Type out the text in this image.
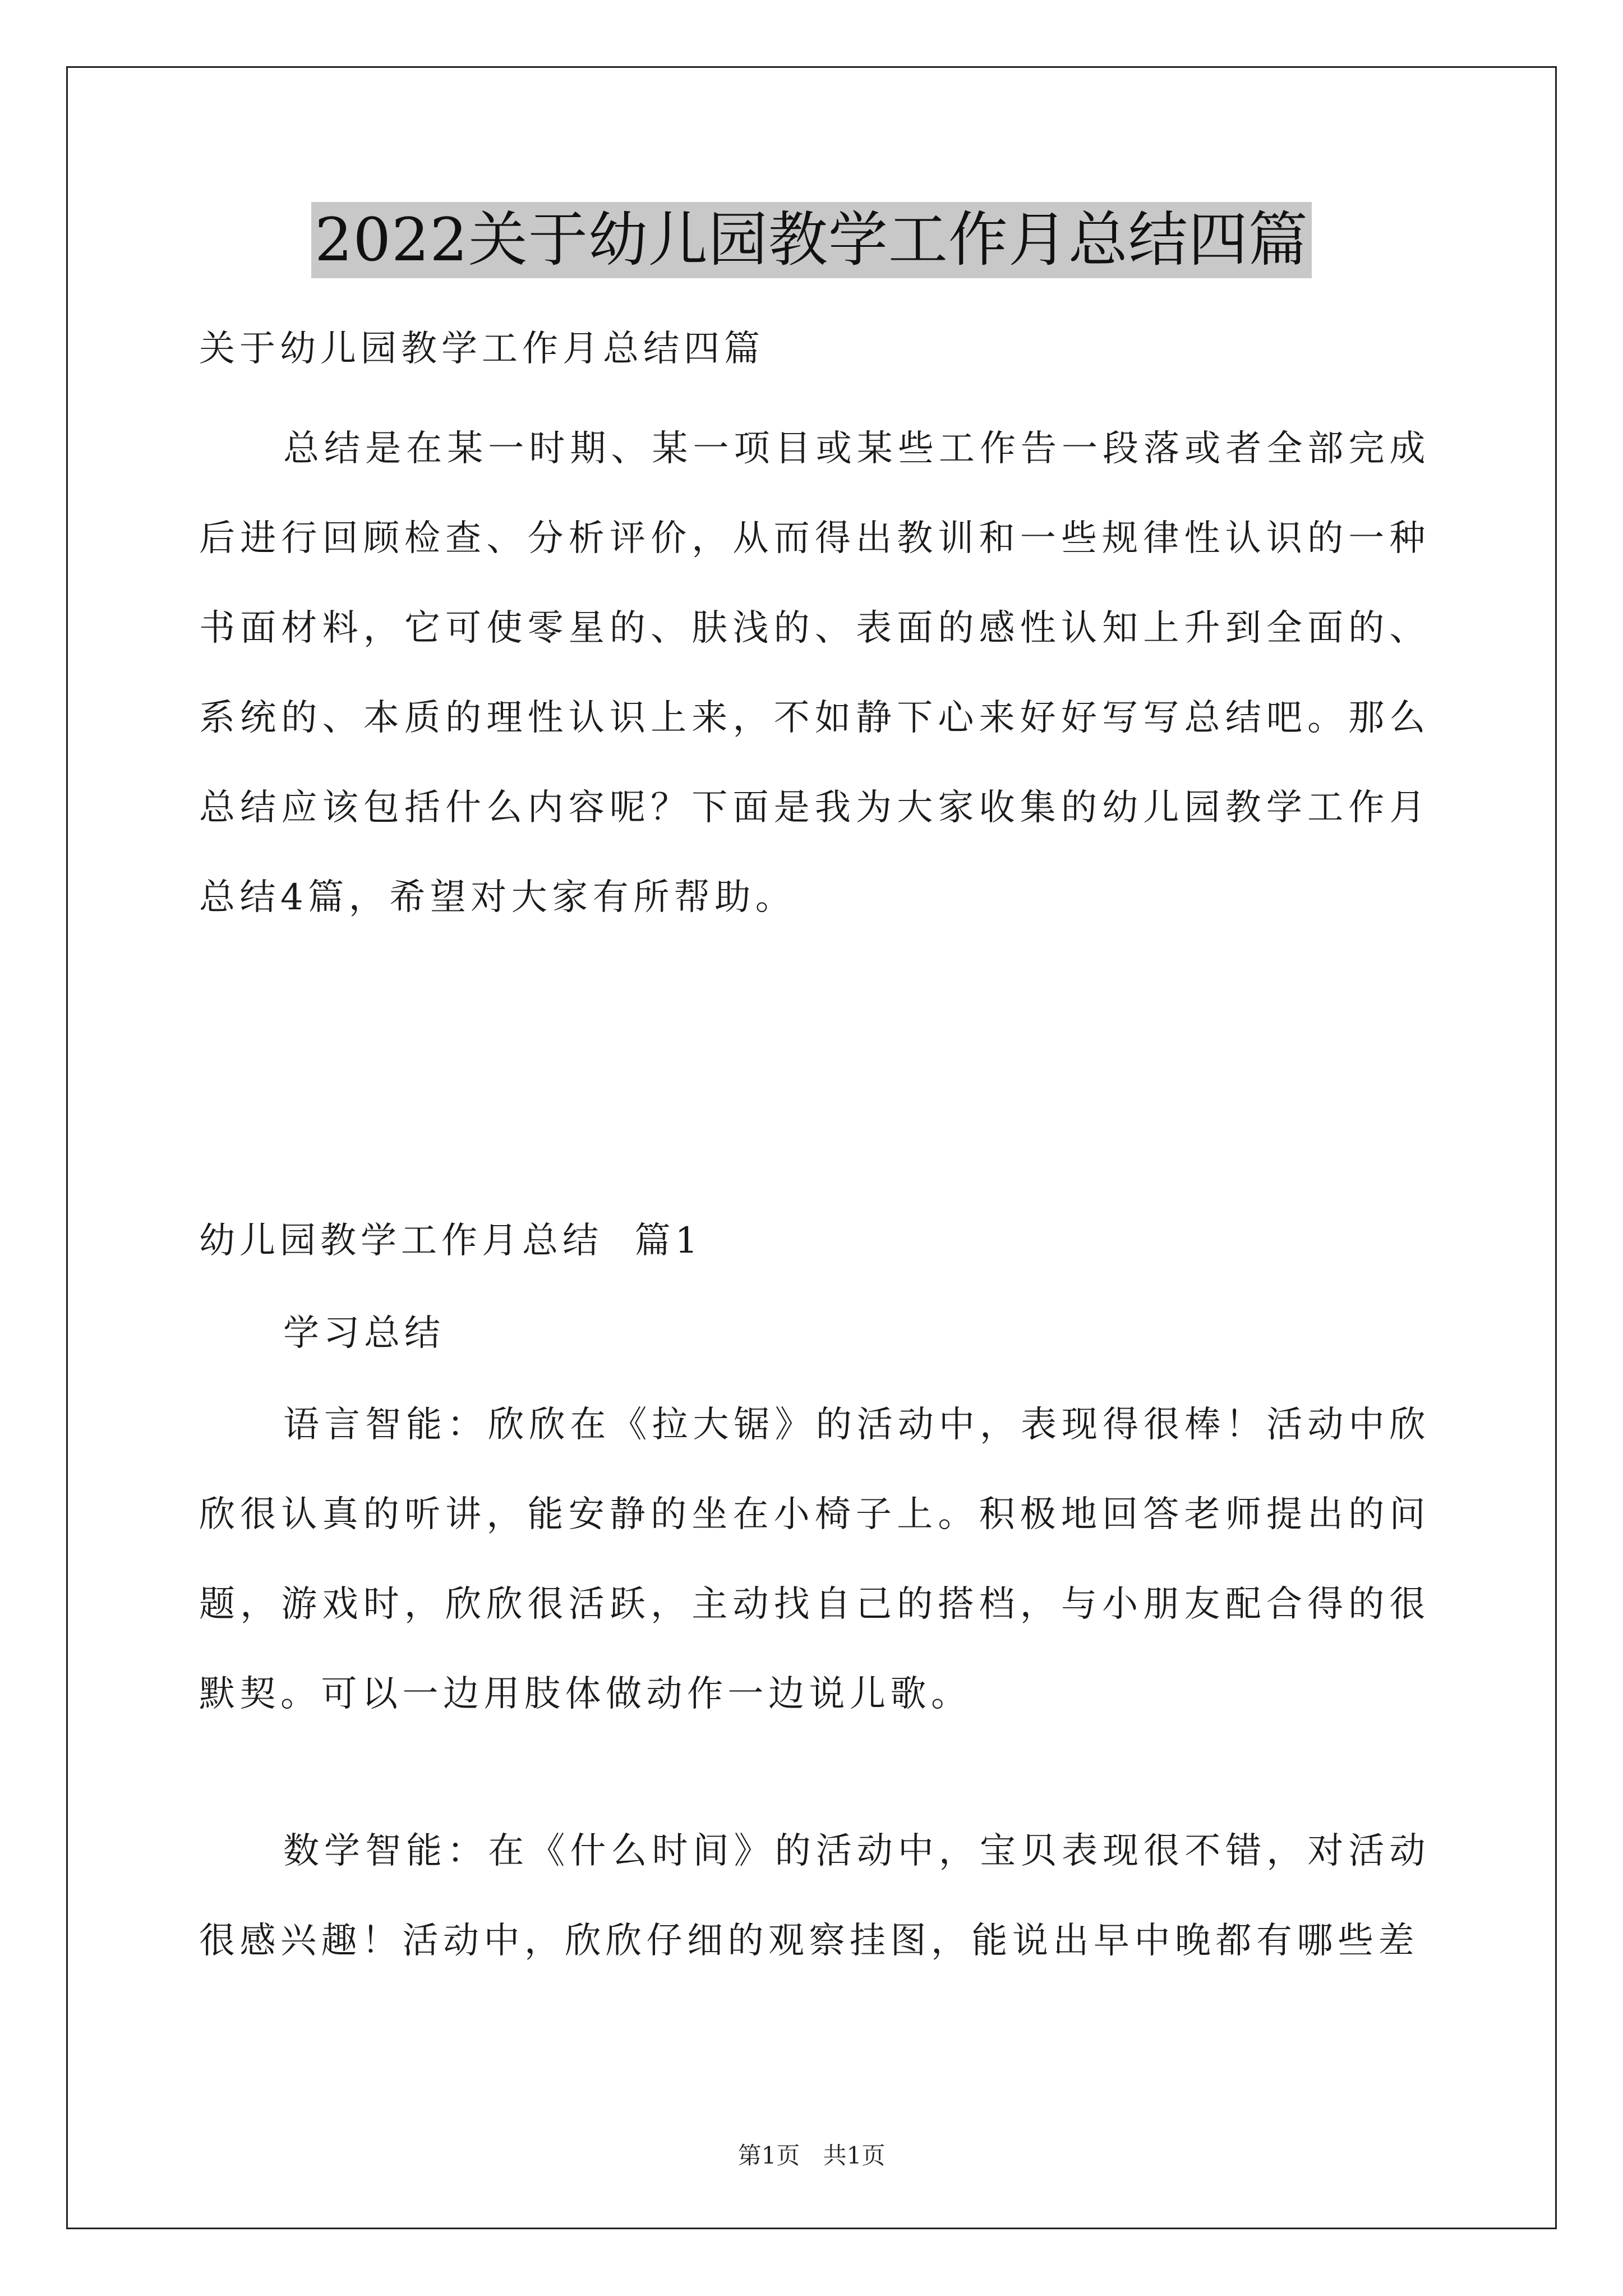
2022关于幼儿园教学工作月总结四篇

关于幼儿园教学工作月总结四篇

总结是在某一时期、某一项目或某些工作告一段落或者全部完成后进行回顾检查、分析评价，从而得出教训和一些规律性认识的一种书面材料，它可使零星的、肤浅的、表面的感性认知上升到全面的、系统的、本质的理性认识上来，不如静下心来好好写写总结吧。那么总结应该包括什么内容呢？下面是我为大家收集的幼儿园教学工作月总结4篇，希望对大家有所帮助。

幼儿园教学工作月总结  篇1

学习总结

语言智能：欣欣在《拉大锯》的活动中，表现得很棒！活动中欣欣很认真的听讲，能安静的坐在小椅子上。积极地回答老师提出的问题，游戏时，欣欣很活跃，主动找自己的搭档，与小朋友配合得的很默契。可以一边用肢体做动作一边说儿歌。

数学智能：在《什么时间》的活动中，宝贝表现很不错，对活动很感兴趣！活动中，欣欣仔细的观察挂图，能说出早中晚都有哪些差

第1页 共1页
